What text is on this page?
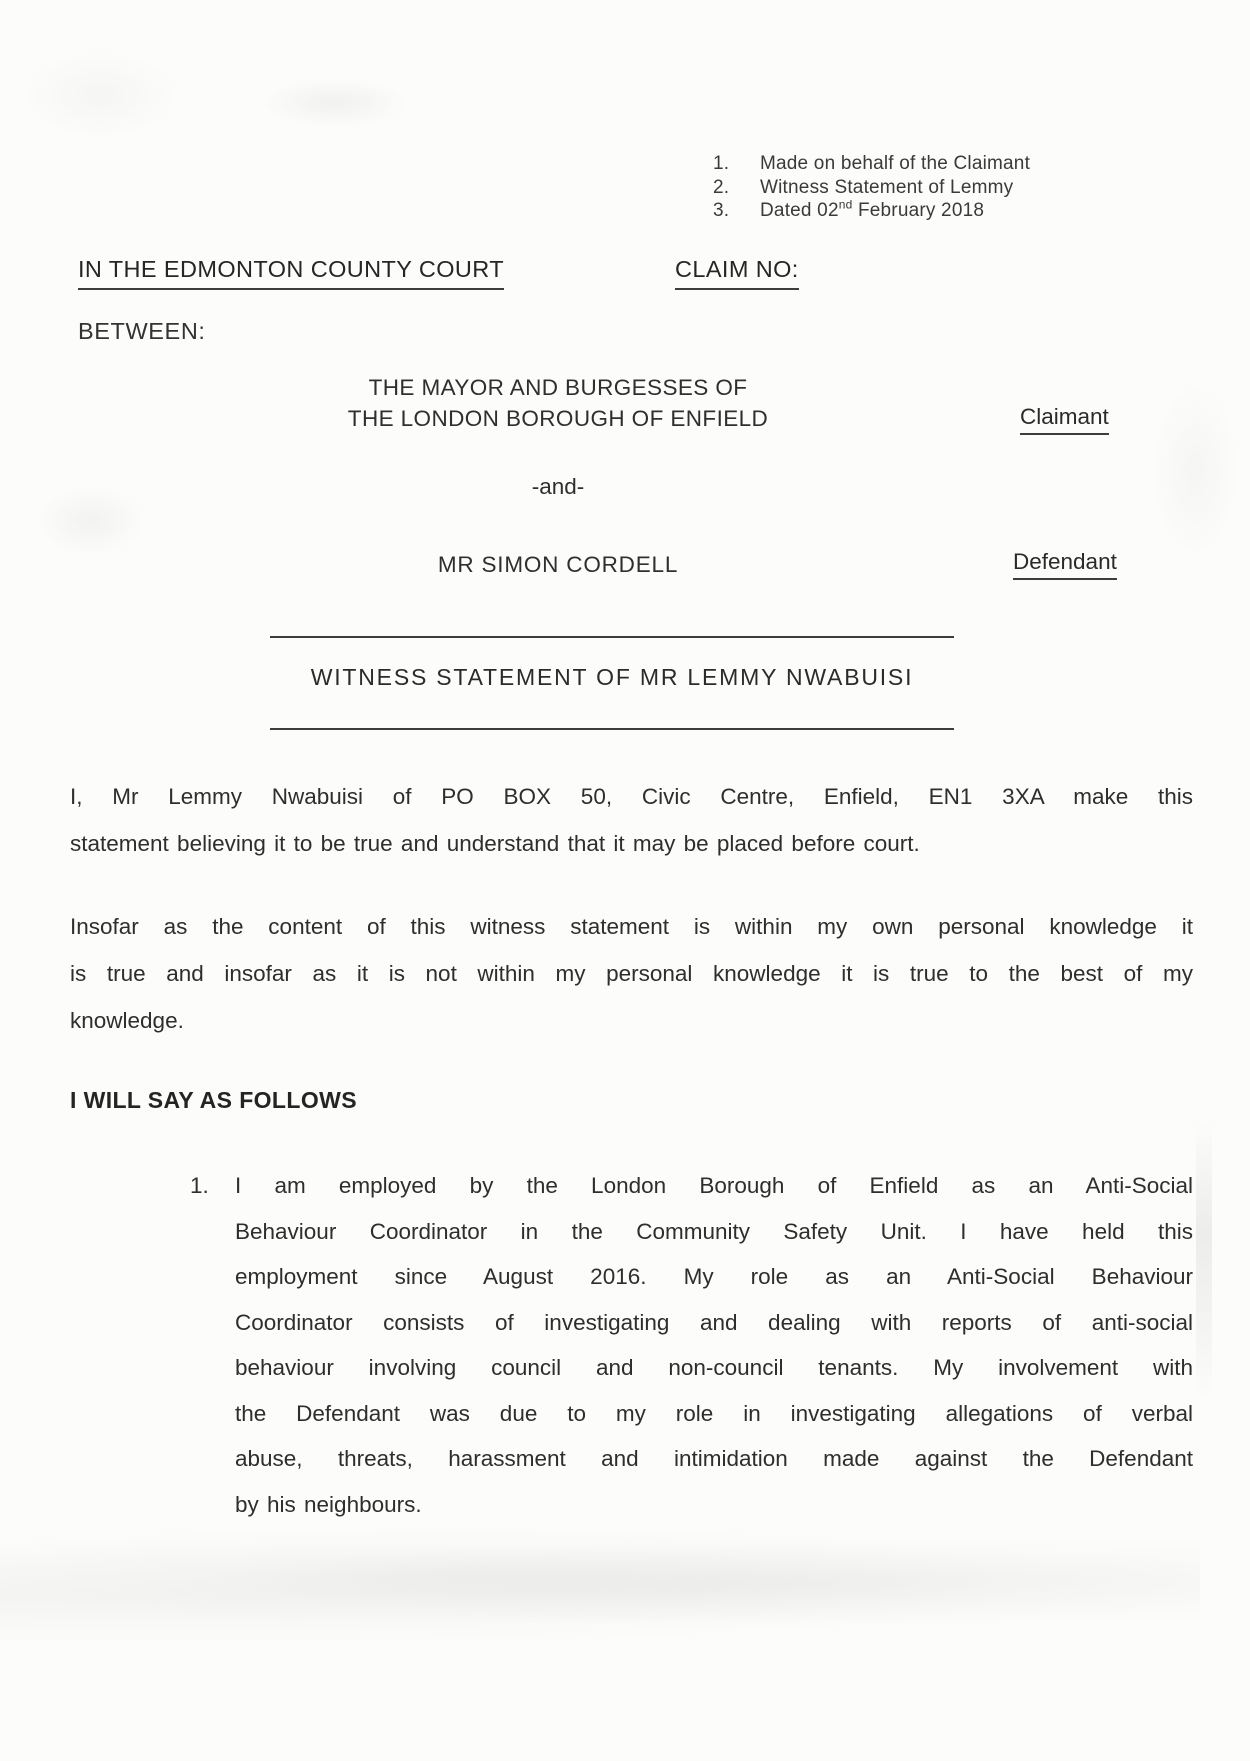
1.	Made on behalf of the Claimant
2.	Witness Statement of Lemmy
3.	Dated 02nd February 2018
IN THE EDMONTON COUNTY COURT	CLAIM NO:
BETWEEN:
THE MAYOR AND BURGESSES OF
THE LONDON BOROUGH OF ENFIELD	Claimant
-and-
MR SIMON CORDELL	Defendant
WITNESS STATEMENT OF MR LEMMY NWABUISI
I, Mr Lemmy Nwabuisi of PO BOX 50, Civic Centre, Enfield, EN1 3XA make this
statement believing it to be true and understand that it may be placed before court.
Insofar as the content of this witness statement is within my own personal knowledge it
is true and insofar as it is not within my personal knowledge it is true to the best of my
knowledge.
I WILL SAY AS FOLLOWS
1.	I am employed by the London Borough of Enfield as an Anti-Social
Behaviour Coordinator in the Community Safety Unit. I have held this
employment since August 2016. My role as an Anti-Social Behaviour
Coordinator consists of investigating and dealing with reports of anti-social
behaviour involving council and non-council tenants. My involvement with
the Defendant was due to my role in investigating allegations of verbal
abuse, threats, harassment and intimidation made against the Defendant
by his neighbours.
